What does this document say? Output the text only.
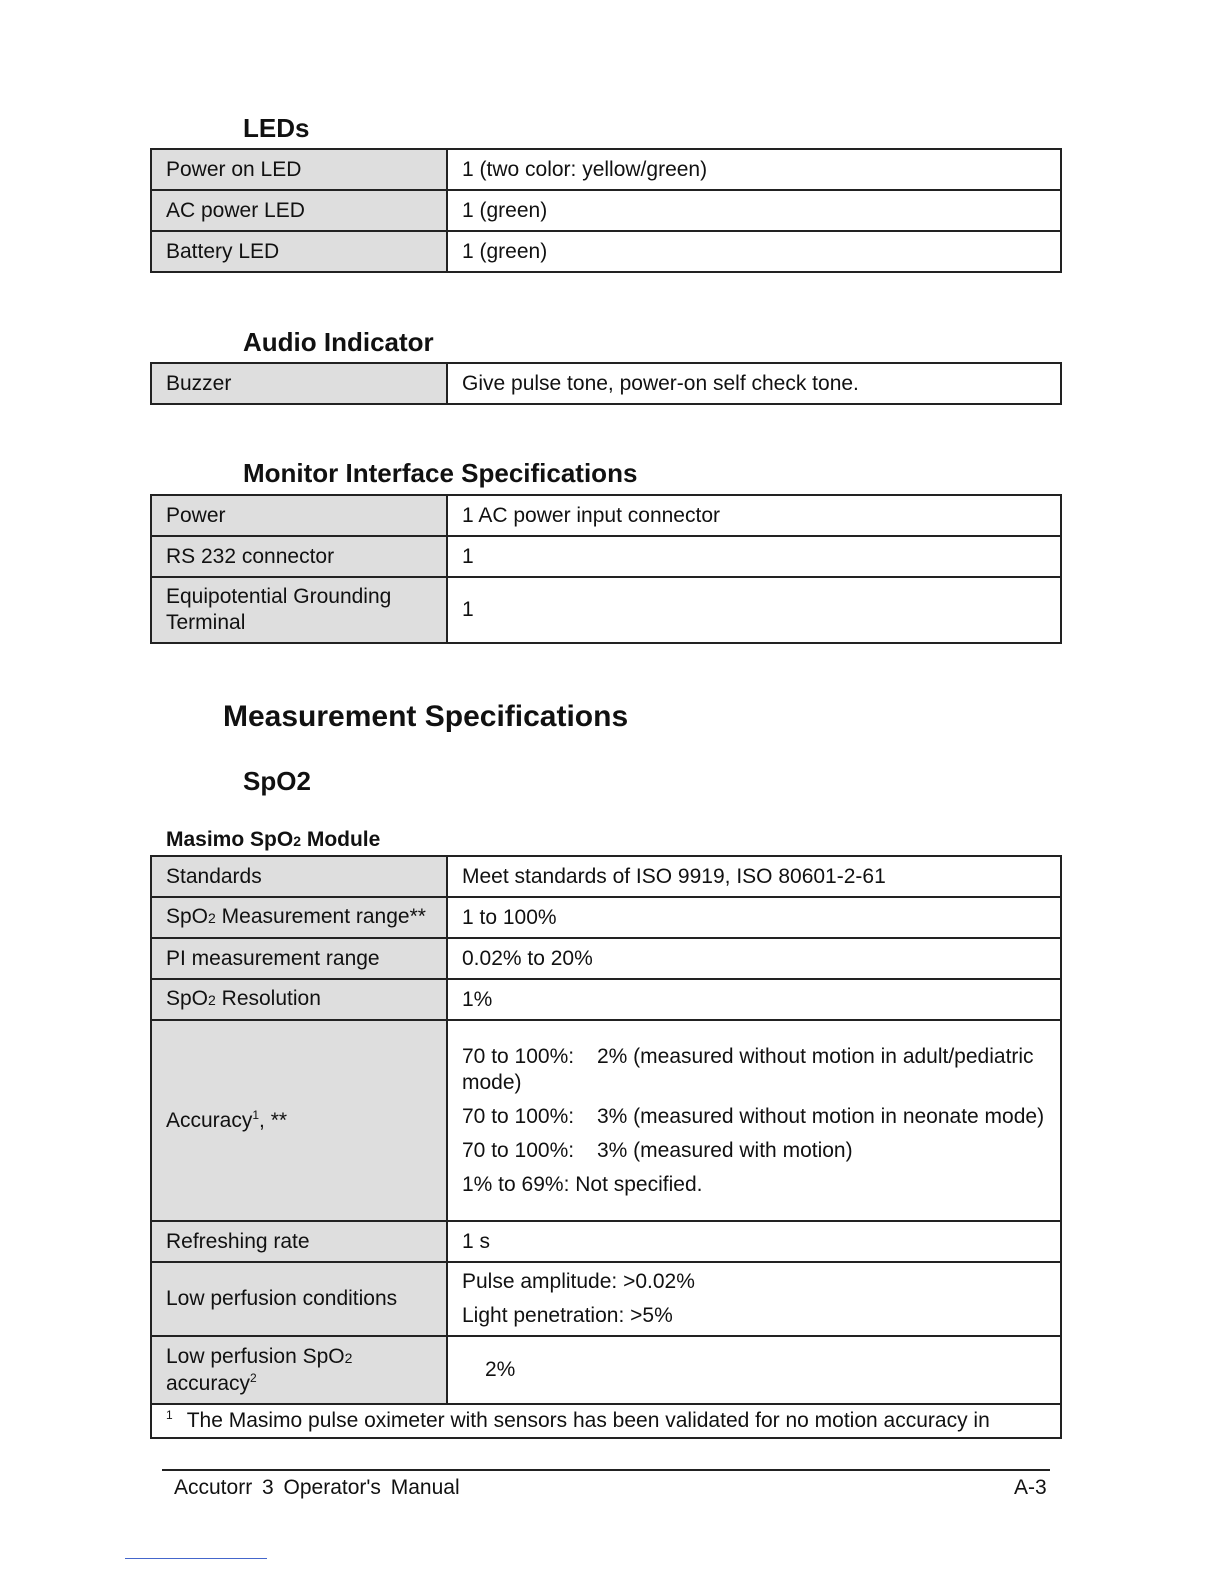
LEDs
Power on LED	1 (two color: yellow/green)
AC power LED	1 (green)
Battery LED	1 (green)
Audio Indicator
Buzzer	Give pulse tone, power-on self check tone.
Monitor Interface Specifications
Power	1 AC power input connector
RS 232 connector	1
Equipotential Grounding Terminal	1
Measurement Specifications
SpO2
Masimo SpO2 Module
Standards	Meet standards of ISO 9919, ISO 80601-2-61
SpO2 Measurement range**	1 to 100%
PI measurement range	0.02% to 20%
SpO2 Resolution	1%
Accuracy$^1$, **	70 to 100%: 2% (measured without motion in adult/pediatric mode)

70 to 100%: 3% (measured without motion in neonate mode)

70 to 100%: 3% (measured with motion)

1% to 69%: Not specified.

Refreshing rate	1 s
Low perfusion conditions	Pulse amplitude: >0.02%

Light penetration: >5%

Low perfusion SpO2 accuracy$^2$	2%
$^1$ The Masimo pulse oximeter with sensors has been validated for no motion accuracy in	
Accutorr 3 Operator's Manual	A-3
